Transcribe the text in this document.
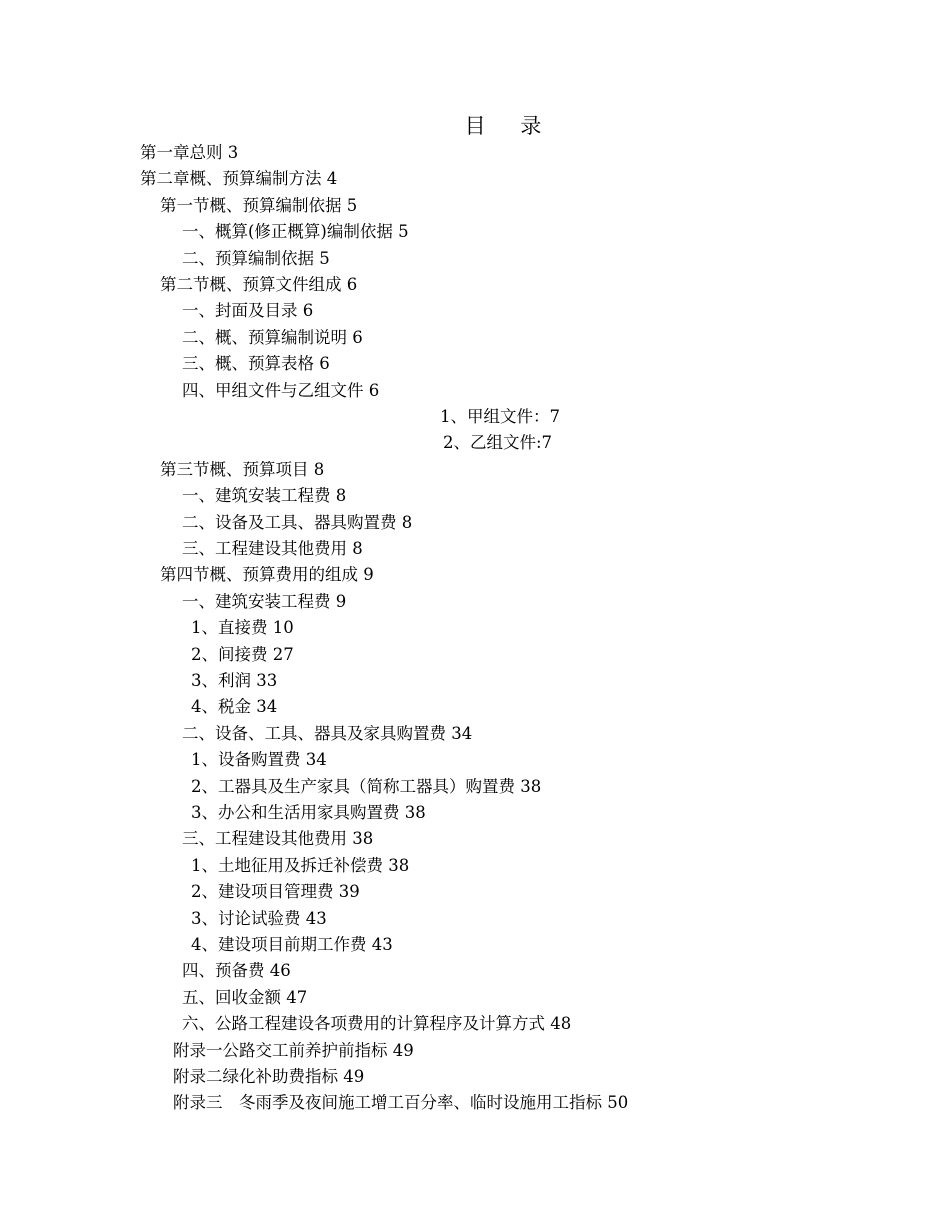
目 录
第一章总则 3
第二章概、预算编制方法 4
第一节概、预算编制依据 5
一、概算(修正概算)编制依据 5
二、预算编制依据 5
第二节概、预算文件组成 6
一、封面及目录 6
二、概、预算编制说明 6
三、概、预算表格 6
四、甲组文件与乙组文件 6
1、甲组文件：7
2、乙组文件:7
第三节概、预算项目 8
一、建筑安装工程费 8
二、设备及工具、器具购置费 8
三、工程建设其他费用 8
第四节概、预算费用的组成 9
一、建筑安装工程费 9
1、直接费 10
2、间接费 27
3、利润 33
4、税金 34
二、设备、工具、器具及家具购置费 34
1、设备购置费 34
2、工器具及生产家具（简称工器具）购置费 38
3、办公和生活用家具购置费 38
三、工程建设其他费用 38
1、土地征用及拆迁补偿费 38
2、建设项目管理费 39
3、讨论试验费 43
4、建设项目前期工作费 43
四、预备费 46
五、回收金额 47
六、公路工程建设各项费用的计算程序及计算方式 48
附录一公路交工前养护前指标 49
附录二绿化补助费指标 49
附录三　冬雨季及夜间施工增工百分率、临时设施用工指标 50
